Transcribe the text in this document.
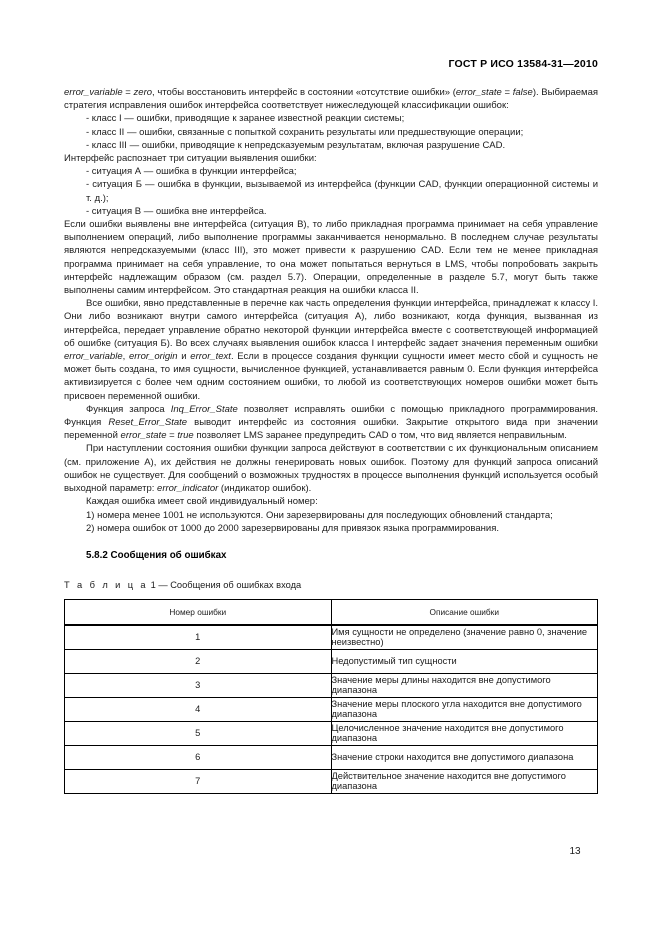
ГОСТ Р ИСО 13584-31—2010

error_variable = zero, чтобы восстановить интерфейс в состоянии «отсутствие ошибки» (error_state = false). Выбираемая стратегия исправления ошибок интерфейса соответствует нижеследующей классификации ошибок:

- класс I — ошибки, приводящие к заранее известной реакции системы;

- класс II — ошибки, связанные с попыткой сохранить результаты или предшествующие операции;

- класс III — ошибки, приводящие к непредсказуемым результатам, включая разрушение CAD.

Интерфейс распознает три ситуации выявления ошибки:

- ситуация А — ошибка в функции интерфейса;

- ситуация Б — ошибка в функции, вызываемой из интерфейса (функции CAD, функции операционной системы и т. д.);

- ситуация В — ошибка вне интерфейса.

Если ошибки выявлены вне интерфейса (ситуация В), то либо прикладная программа принимает на себя управление выполнением операций, либо выполнение программы заканчивается ненормально. В последнем случае результаты являются непредсказуемыми (класс III), это может привести к разрушению CAD. Если тем не менее прикладная программа принимает на себя управление, то она может попытаться вернуться в LMS, чтобы попробовать закрыть интерфейс надлежащим образом (см. раздел 5.7). Операции, определенные в разделе 5.7, могут быть также выполнены самим интерфейсом. Это стандартная реакция на ошибки класса II.

Все ошибки, явно представленные в перечне как часть определения функции интерфейса, принадлежат к классу I. Они либо возникают внутри самого интерфейса (ситуация А), либо возникают, когда функция, вызванная из интерфейса, передает управление обратно некоторой функции интерфейса вместе с соответствующей информацией об ошибке (ситуация Б). Во всех случаях выявления ошибок класса I интерфейс задает значения переменным ошибки error_variable, error_origin и error_text. Если в процессе создания функции сущности имеет место сбой и сущность не может быть создана, то имя сущности, вычисленное функцией, устанавливается равным 0. Если функция интерфейса активизируется с более чем одним состоянием ошибки, то любой из соответствующих номеров ошибки может быть присвоен переменной ошибки.

Функция запроса Inq_Error_State позволяет исправлять ошибки с помощью прикладного программирования. Функция Reset_Error_State выводит интерфейс из состояния ошибки. Закрытие открытого вида при значении переменной error_state = true позволяет LMS заранее предупредить CAD о том, что вид является неправильным.

При наступлении состояния ошибки функции запроса действуют в соответствии с их функциональным описанием (см. приложение А), их действия не должны генерировать новых ошибок. Поэтому для функций запроса описаний ошибок не существует. Для сообщений о возможных трудностях в процессе выполнения функций используется особый выходной параметр: error_indicator (индикатор ошибок).

Каждая ошибка имеет свой индивидуальный номер:

1) номера менее 1001 не используются. Они зарезервированы для последующих обновлений стандарта;

2) номера ошибок от 1000 до 2000 зарезервированы для привязок языка программирования.

5.8.2 Сообщения об ошибках

Т а б л и ц а 1 — Сообщения об ошибках входа

Номер ошибки	Описание ошибки
1	Имя сущности не определено (значение равно 0, значение неизвестно)
2	Недопустимый тип сущности
3	Значение меры длины находится вне допустимого диапазона
4	Значение меры плоского угла находится вне допустимого диапазона
5	Целочисленное значение находится вне допустимого диапазона
6	Значение строки находится вне допустимого диапазона
7	Действительное значение находится вне допустимого диапазона
13
